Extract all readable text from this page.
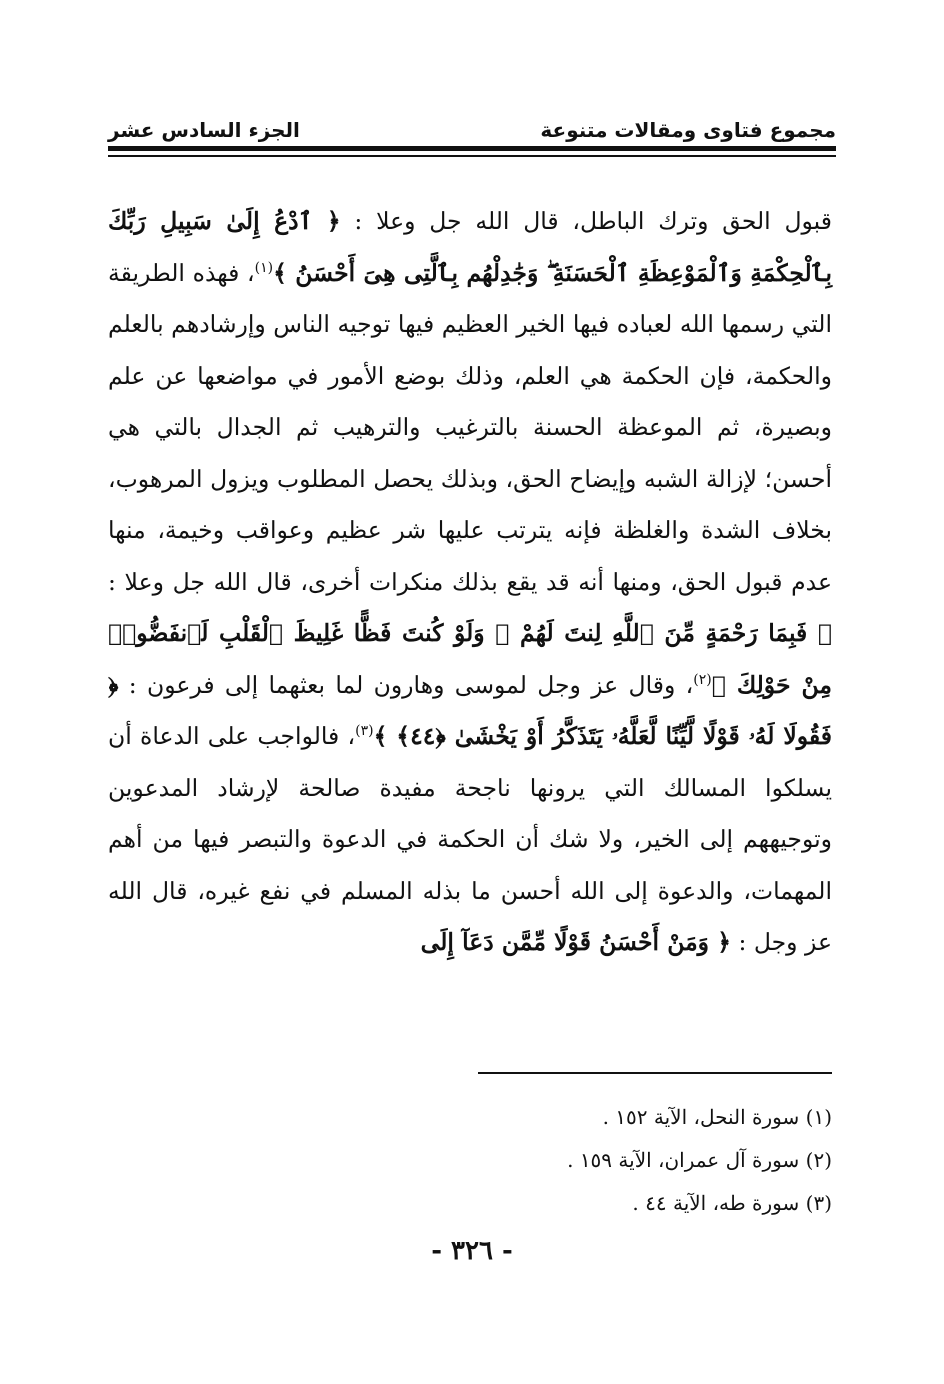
مجموع فتاوى ومقالات متنوعة
الجزء السادس عشر

قبول الحق وترك الباطل، قال الله جل وعلا : ﴿ ٱدْعُ إِلَىٰ سَبِيلِ رَبِّكَ بِٱلْحِكْمَةِ وَٱلْمَوْعِظَةِ ٱلْحَسَنَةِ ۖ وَجَٰدِلْهُم بِٱلَّتِى هِىَ أَحْسَنُ ﴾$^{(١)}$، فهذه الطريقة التي رسمها الله لعباده فيها الخير العظيم فيها توجيه الناس وإرشادهم بالعلم والحكمة، فإن الحكمة هي العلم، وذلك بوضع الأمور في مواضعها عن علم وبصيرة، ثم الموعظة الحسنة بالترغيب والترهيب ثم الجدال بالتي هي أحسن؛ لإزالة الشبه وإيضاح الحق، وبذلك يحصل المطلوب ويزول المرهوب، بخلاف الشدة والغلظة فإنه يترتب عليها شر عظيم وعواقب وخيمة، منها عدم قبول الحق، ومنها أنه قد يقع بذلك منكرات أخرى، قال الله جل وعلا : ﴿ فَبِمَا رَحْمَةٍ مِّنَ ٱللَّهِ لِنتَ لَهُمْ ۖ وَلَوْ كُنتَ فَظًّا غَلِيظَ ٱلْقَلْبِ لَٱنفَضُّوا۟ مِنْ حَوْلِكَ ﴾$^{(٢)}$، وقال عز وجل لموسى وهارون لما بعثهما إلى فرعون : ﴿ فَقُولَا لَهُۥ قَوْلًا لَّيِّنًا لَّعَلَّهُۥ يَتَذَكَّرُ أَوْ يَخْشَىٰ ﴿٤٤﴾ ﴾$^{(٣)}$، فالواجب على الدعاة أن يسلكوا المسالك التي يرونها ناجحة مفيدة صالحة لإرشاد المدعوين وتوجيههم إلى الخير، ولا شك أن الحكمة في الدعوة والتبصر فيها من أهم المهمات، والدعوة إلى الله أحسن ما بذله المسلم في نفع غيره، قال الله عز وجل : ﴿ وَمَنْ أَحْسَنُ قَوْلًا مِّمَّن دَعَآ إِلَى

(١) سورة النحل، الآية ١٥٢ .
(٢) سورة آل عمران، الآية ١٥٩ .
(٣) سورة طه، الآية ٤٤ .
- ٣٢٦ -
